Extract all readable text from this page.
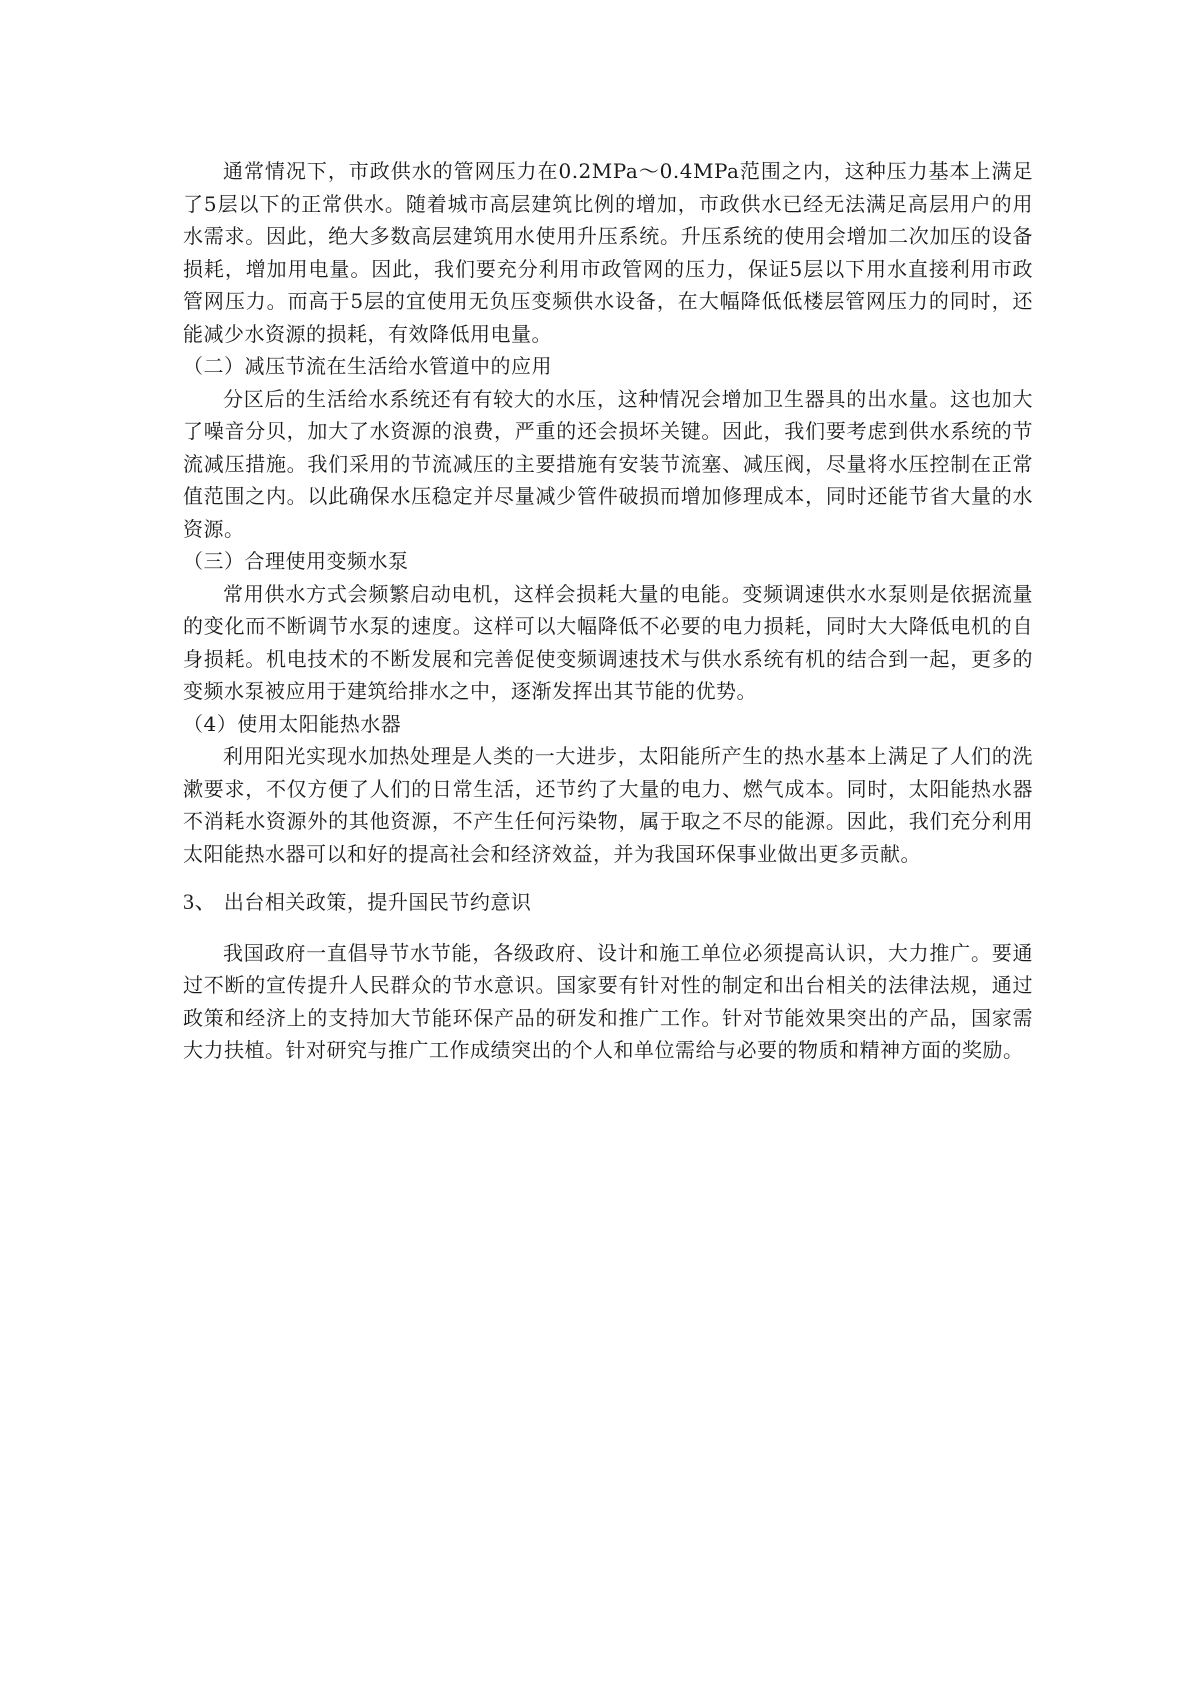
通常情况下，市政供水的管网压力在0.2MPa～0.4MPa范围之内，这种压力基本上满足了5层以下的正常供水。随着城市高层建筑比例的增加，市政供水已经无法满足高层用户的用水需求。因此，绝大多数高层建筑用水使用升压系统。升压系统的使用会增加二次加压的设备损耗，增加用电量。因此，我们要充分利用市政管网的压力，保证5层以下用水直接利用市政管网压力。而高于5层的宜使用无负压变频供水设备，在大幅降低低楼层管网压力的同时，还能减少水资源的损耗，有效降低用电量。

（二）减压节流在生活给水管道中的应用

分区后的生活给水系统还有有较大的水压，这种情况会增加卫生器具的出水量。这也加大了噪音分贝，加大了水资源的浪费，严重的还会损坏关键。因此，我们要考虑到供水系统的节流减压措施。我们采用的节流减压的主要措施有安装节流塞、减压阀，尽量将水压控制在正常值范围之内。以此确保水压稳定并尽量减少管件破损而增加修理成本，同时还能节省大量的水资源。

（三）合理使用变频水泵

常用供水方式会频繁启动电机，这样会损耗大量的电能。变频调速供水水泵则是依据流量的变化而不断调节水泵的速度。这样可以大幅降低不必要的电力损耗，同时大大降低电机的自身损耗。机电技术的不断发展和完善促使变频调速技术与供水系统有机的结合到一起，更多的变频水泵被应用于建筑给排水之中，逐渐发挥出其节能的优势。

（4）使用太阳能热水器

利用阳光实现水加热处理是人类的一大进步，太阳能所产生的热水基本上满足了人们的洗漱要求，不仅方便了人们的日常生活，还节约了大量的电力、燃气成本。同时，太阳能热水器不消耗水资源外的其他资源，不产生任何污染物，属于取之不尽的能源。因此，我们充分利用太阳能热水器可以和好的提高社会和经济效益，并为我国环保事业做出更多贡献。

3、 出台相关政策，提升国民节约意识

我国政府一直倡导节水节能，各级政府、设计和施工单位必须提高认识，大力推广。要通过不断的宣传提升人民群众的节水意识。国家要有针对性的制定和出台相关的法律法规，通过政策和经济上的支持加大节能环保产品的研发和推广工作。针对节能效果突出的产品，国家需大力扶植。针对研究与推广工作成绩突出的个人和单位需给与必要的物质和精神方面的奖励。
